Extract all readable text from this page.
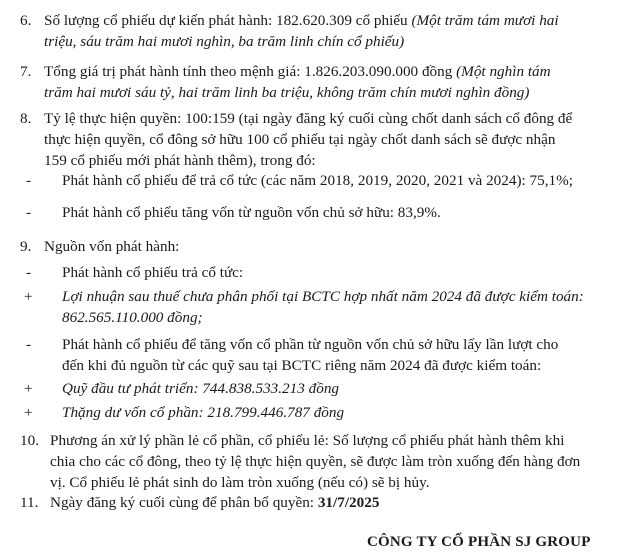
6. Số lượng cổ phiếu dự kiến phát hành: 182.620.309 cổ phiếu (Một trăm tám mươi hai
triệu, sáu trăm hai mươi nghìn, ba trăm linh chín cổ phiếu)
7. Tổng giá trị phát hành tính theo mệnh giá: 1.826.203.090.000 đồng (Một nghìn tám
trăm hai mươi sáu tỷ, hai trăm linh ba triệu, không trăm chín mươi nghìn đồng)
8. Tỷ lệ thực hiện quyền: 100:159 (tại ngày đăng ký cuối cùng chốt danh sách cổ đông để
thực hiện quyền, cổ đông sở hữu 100 cổ phiếu tại ngày chốt danh sách sẽ được nhận
159 cổ phiếu mới phát hành thêm), trong đó:
- Phát hành cổ phiếu để trả cổ tức (các năm 2018, 2019, 2020, 2021 và 2024): 75,1%;
- Phát hành cổ phiếu tăng vốn từ nguồn vốn chủ sở hữu: 83,9%.
9. Nguồn vốn phát hành:
- Phát hành cổ phiếu trả cổ tức:
+ Lợi nhuận sau thuế chưa phân phối tại BCTC hợp nhất năm 2024 đã được kiểm toán:
862.565.110.000 đồng;
- Phát hành cổ phiếu để tăng vốn cổ phần từ nguồn vốn chủ sở hữu lấy lần lượt cho
đến khi đủ nguồn từ các quỹ sau tại BCTC riêng năm 2024 đã được kiểm toán:
+ Quỹ đầu tư phát triển: 744.838.533.213 đồng
+ Thặng dư vốn cổ phần: 218.799.446.787 đồng
10. Phương án xử lý phần lẻ cổ phần, cổ phiếu lẻ: Số lượng cổ phiếu phát hành thêm khi
chia cho các cổ đông, theo tỷ lệ thực hiện quyền, sẽ được làm tròn xuống đến hàng đơn
vị. Cổ phiếu lẻ phát sinh do làm tròn xuống (nếu có) sẽ bị hủy.
11. Ngày đăng ký cuối cùng để phân bổ quyền: 31/7/2025
CÔNG TY CỔ PHẦN SJ GROUP
